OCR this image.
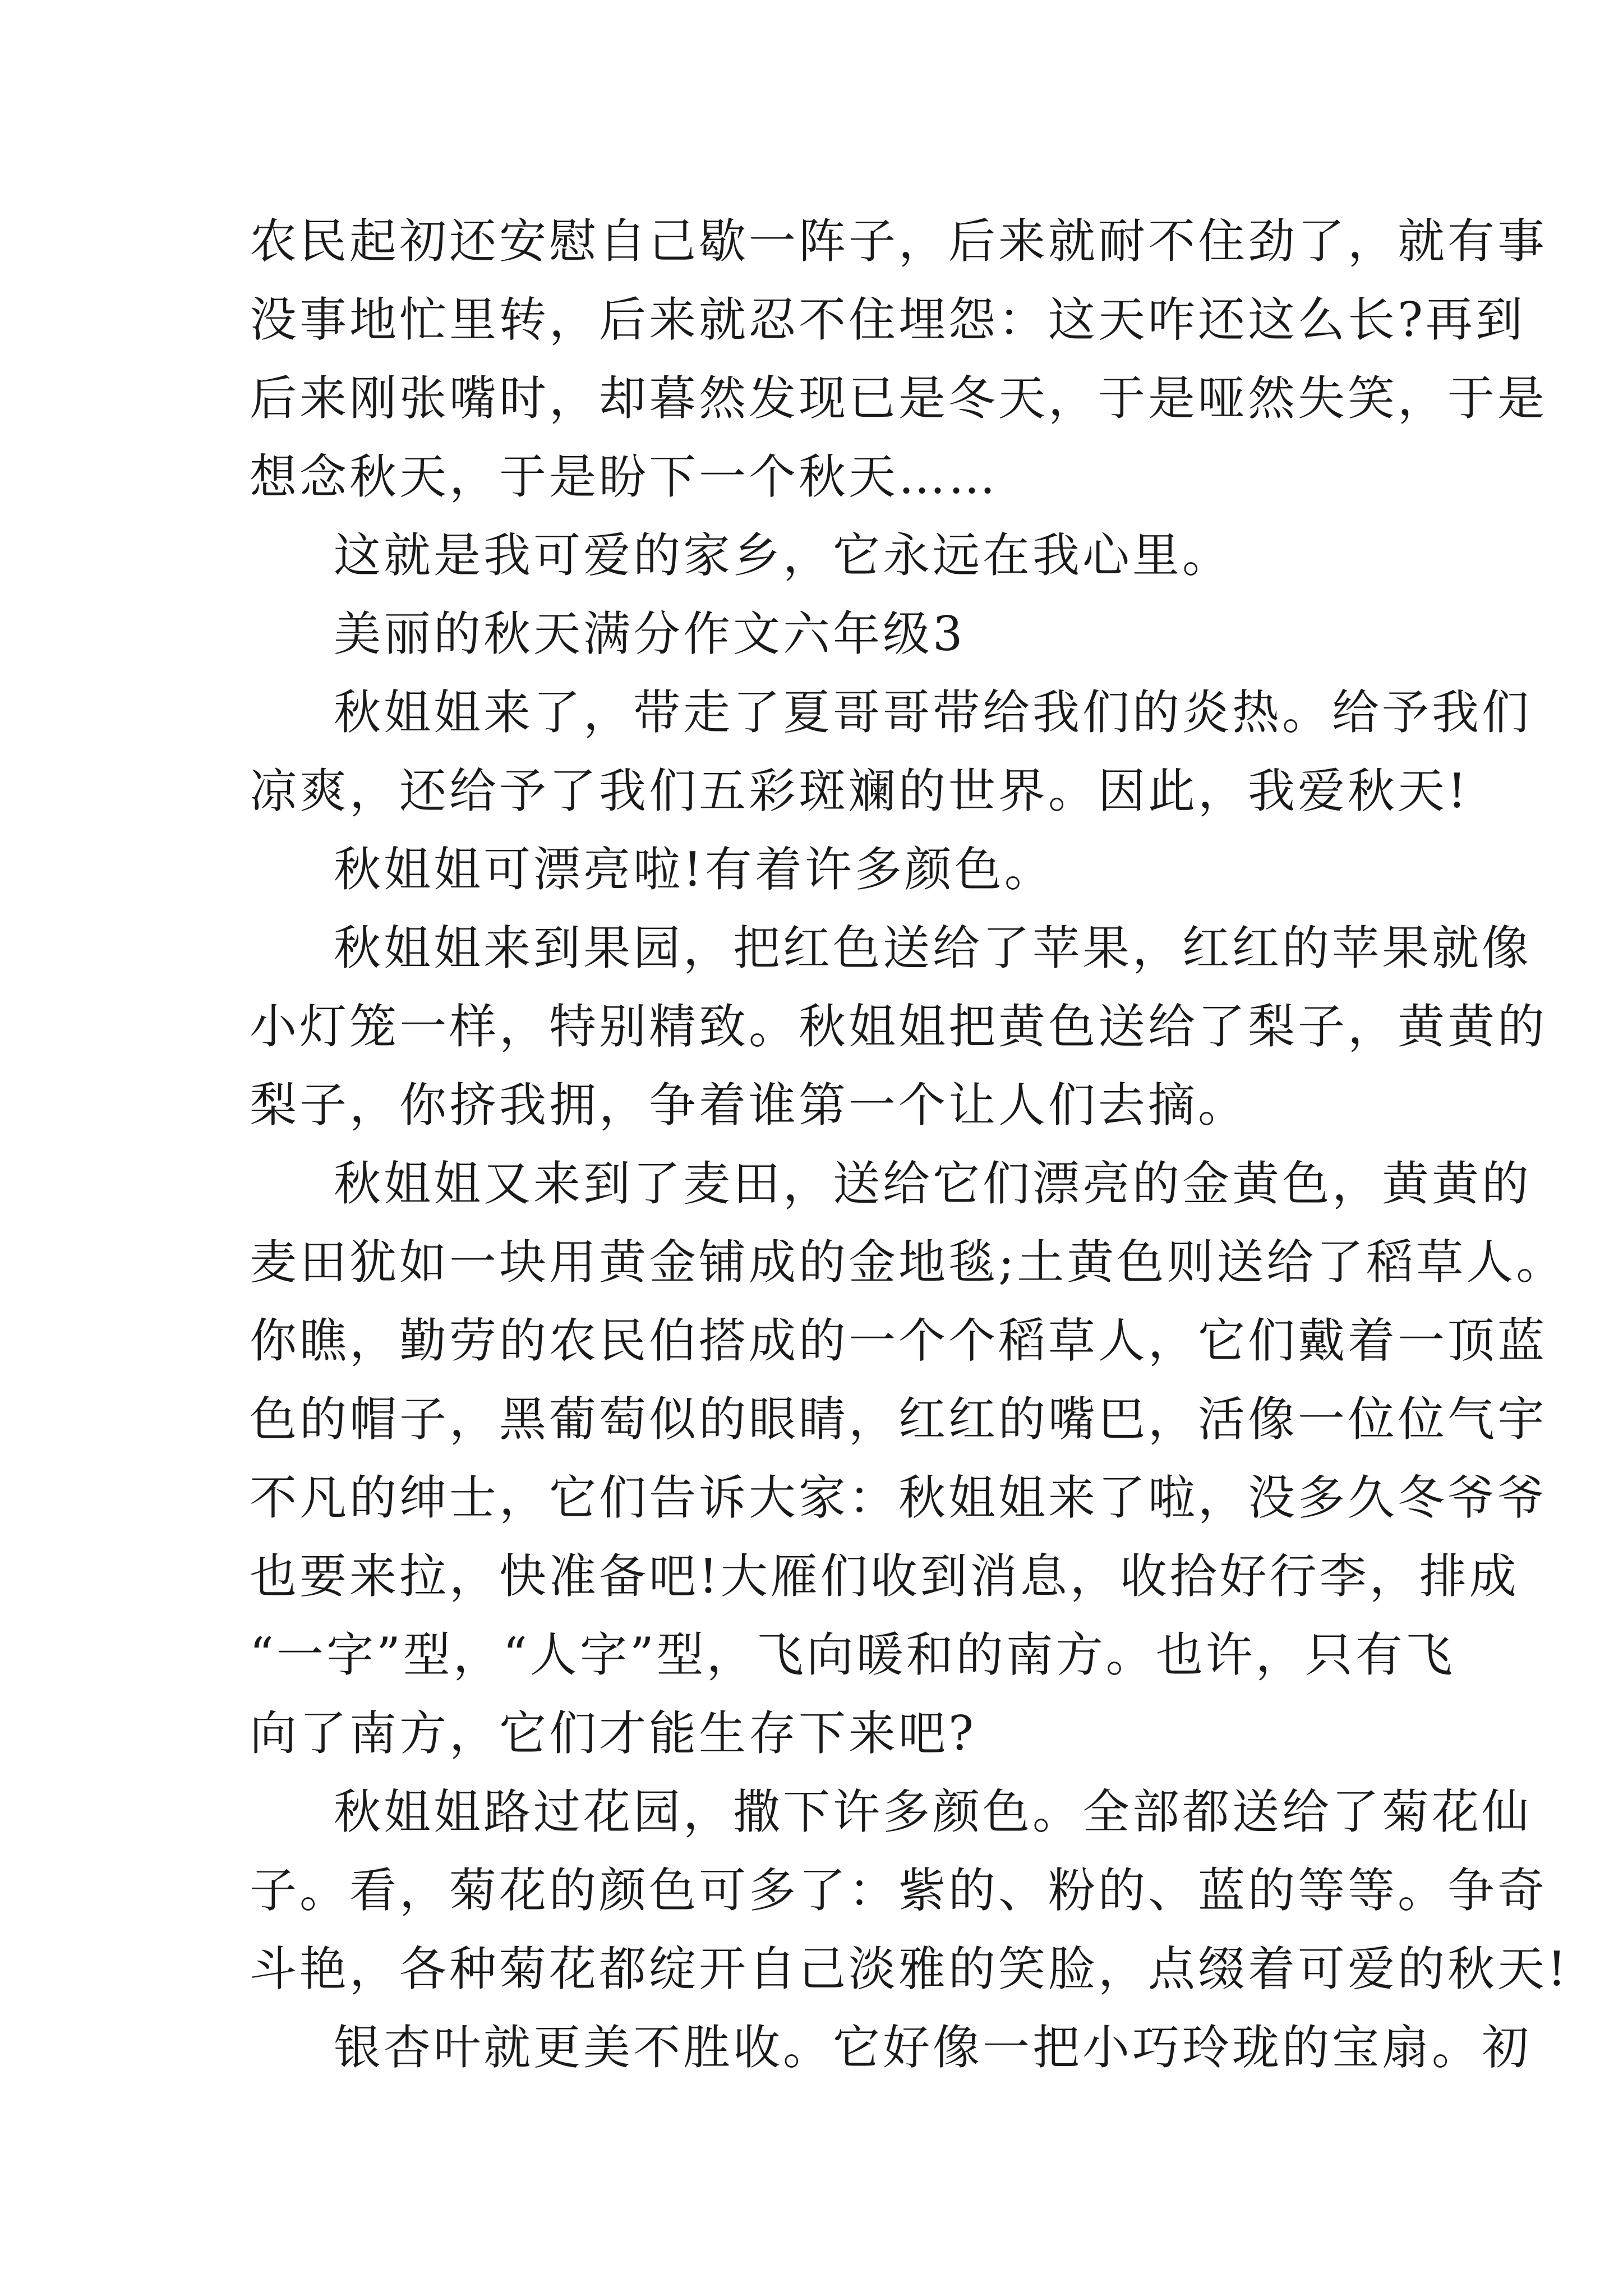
农民起初还安慰自己歇一阵子，后来就耐不住劲了，就有事
没事地忙里转，后来就忍不住埋怨：这天咋还这么长?再到
后来刚张嘴时，却暮然发现已是冬天，于是哑然失笑，于是
想念秋天，于是盼下一个秋天……
这就是我可爱的家乡，它永远在我心里。
美丽的秋天满分作文六年级3
秋姐姐来了，带走了夏哥哥带给我们的炎热。给予我们
凉爽，还给予了我们五彩斑斓的世界。因此，我爱秋天!
秋姐姐可漂亮啦!有着许多颜色。
秋姐姐来到果园，把红色送给了苹果，红红的苹果就像
小灯笼一样，特别精致。秋姐姐把黄色送给了梨子，黄黄的
梨子，你挤我拥，争着谁第一个让人们去摘。
秋姐姐又来到了麦田，送给它们漂亮的金黄色，黄黄的
麦田犹如一块用黄金铺成的金地毯;土黄色则送给了稻草人。
你瞧，勤劳的农民伯搭成的一个个稻草人，它们戴着一顶蓝
色的帽子，黑葡萄似的眼睛，红红的嘴巴，活像一位位气宇
不凡的绅士，它们告诉大家：秋姐姐来了啦，没多久冬爷爷
也要来拉，快准备吧!大雁们收到消息，收拾好行李，排成
“一字”型，“人字”型，飞向暖和的南方。也许，只有飞
向了南方，它们才能生存下来吧?
秋姐姐路过花园，撒下许多颜色。全部都送给了菊花仙
子。看，菊花的颜色可多了：紫的、粉的、蓝的等等。争奇
斗艳，各种菊花都绽开自己淡雅的笑脸，点缀着可爱的秋天!
银杏叶就更美不胜收。它好像一把小巧玲珑的宝扇。初
